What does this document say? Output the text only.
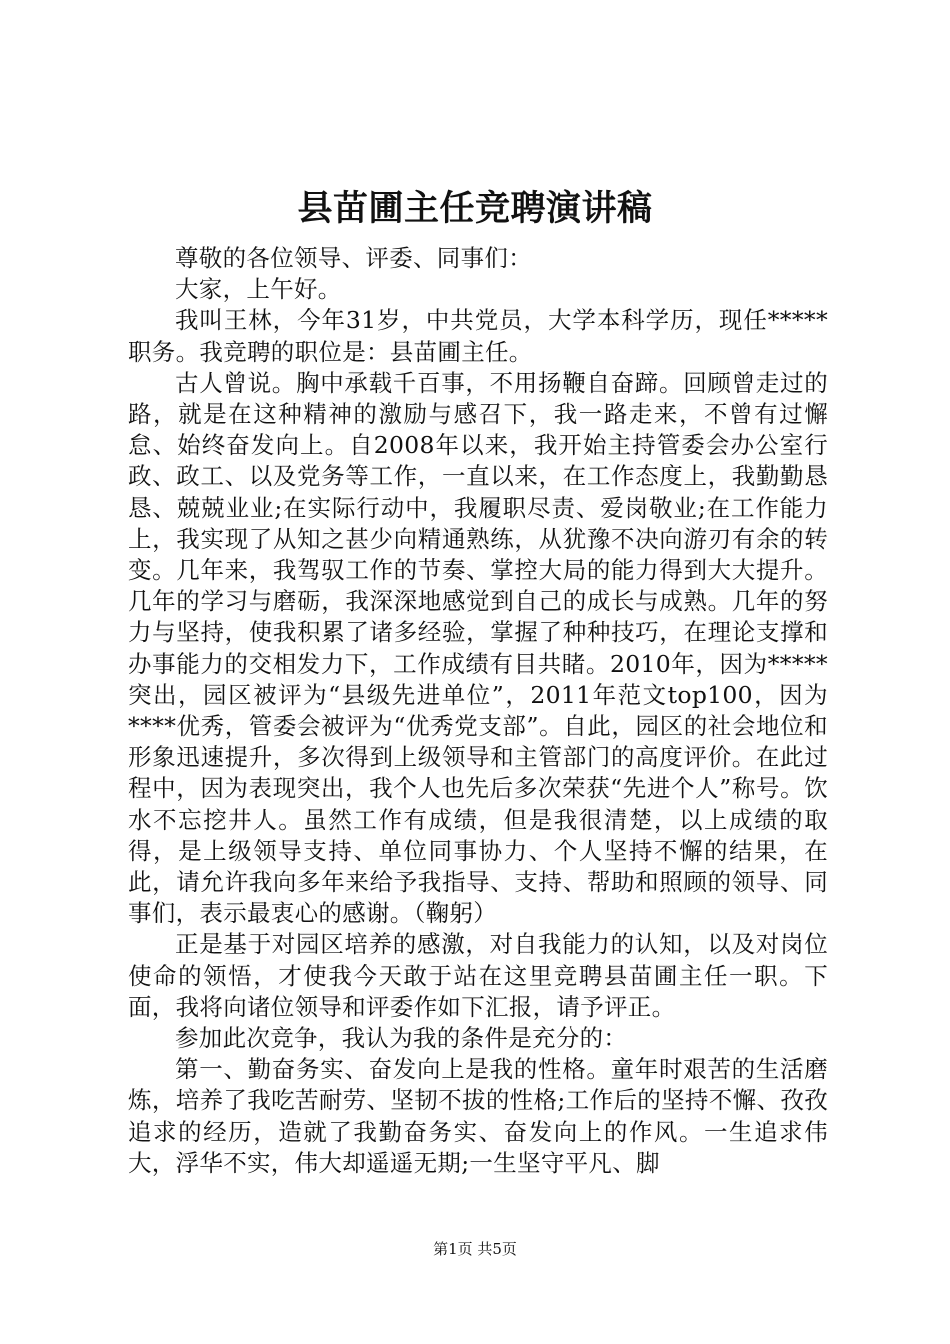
县苗圃主任竞聘演讲稿

尊敬的各位领导、评委、同事们：

大家，上午好。

我叫王林，今年31岁，中共党员，大学本科学历，现任*****职务。我竞聘的职位是：县苗圃主任。

古人曾说。胸中承载千百事，不用扬鞭自奋蹄。回顾曾走过的路，就是在这种精神的激励与感召下，我一路走来，不曾有过懈怠、始终奋发向上。自2008年以来，我开始主持管委会办公室行政、政工、以及党务等工作，一直以来，在工作态度上，我勤勤恳恳、兢兢业业;在实际行动中，我履职尽责、爱岗敬业;在工作能力上，我实现了从知之甚少向精通熟练，从犹豫不决向游刃有余的转变。几年来，我驾驭工作的节奏、掌控大局的能力得到大大提升。几年的学习与磨砺，我深深地感觉到自己的成长与成熟。几年的努力与坚持，使我积累了诸多经验，掌握了种种技巧，在理论支撑和办事能力的交相发力下，工作成绩有目共睹。2010年，因为*****突出，园区被评为“县级先进单位”，2011年范文top100，因为****优秀，管委会被评为“优秀党支部”。自此，园区的社会地位和形象迅速提升，多次得到上级领导和主管部门的高度评价。在此过程中，因为表现突出，我个人也先后多次荣获“先进个人”称号。饮水不忘挖井人。虽然工作有成绩，但是我很清楚，以上成绩的取得，是上级领导支持、单位同事协力、个人坚持不懈的结果，在此，请允许我向多年来给予我指导、支持、帮助和照顾的领导、同事们，表示最衷心的感谢。（鞠躬）

正是基于对园区培养的感激，对自我能力的认知，以及对岗位使命的领悟，才使我今天敢于站在这里竞聘县苗圃主任一职。下面，我将向诸位领导和评委作如下汇报，请予评正。

参加此次竞争，我认为我的条件是充分的：

第一、勤奋务实、奋发向上是我的性格。童年时艰苦的生活磨炼，培养了我吃苦耐劳、坚韧不拔的性格;工作后的坚持不懈、孜孜追求的经历，造就了我勤奋务实、奋发向上的作风。一生追求伟大，浮华不实，伟大却遥遥无期;一生坚守平凡、脚

第1页 共5页
